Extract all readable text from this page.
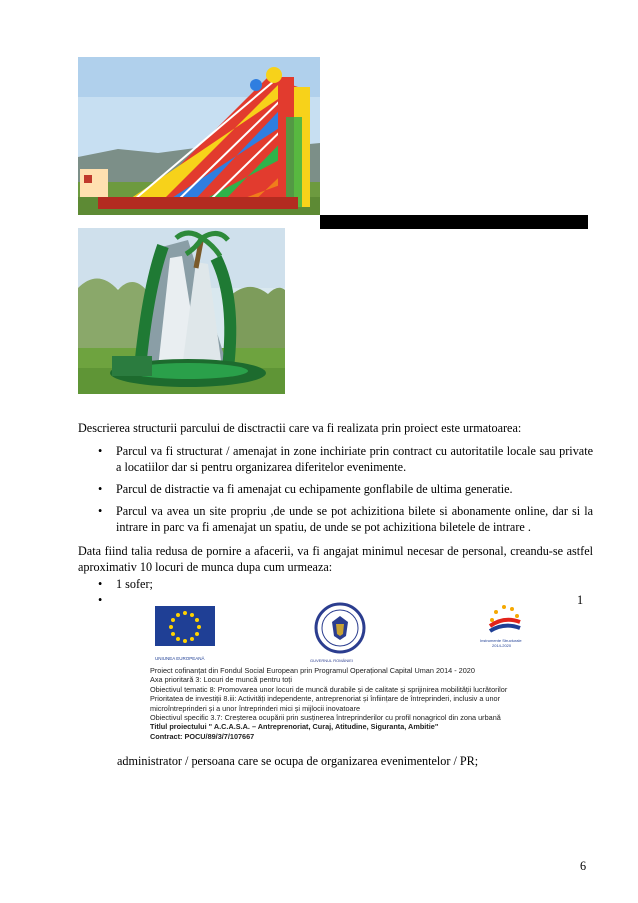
Descrierea structurii parcului de disctractii care va fi realizata prin proiect este urmatoarea:
• Parcul va fi structurat / amenajat in zone inchiriate prin contract cu autoritatile locale sau private a locatiilor dar si pentru organizarea diferitelor evenimente.
• Parcul de distractie va fi amenajat cu echipamente gonflabile de ultima generatie.
• Parcul va avea un site propriu ,de unde se pot achizitiona bilete si abonamente online, dar si la intrare in parc va fi amenajat un spatiu, de unde se pot achizitiona biletele de intrare .
Data fiind talia redusa de pornire a afacerii, va fi angajat minimul necesar de personal, creandu-se astfel aproximativ 10 locuri de munca dupa cum urmeaza:
• 1 sofer;
•	1
UNIUNEA EUROPEANĂ	GUVERNUL ROMÂNIEI
Instrumente Structurale
2014-2020
Proiect cofinanțat din Fondul Social European prin Programul Operațional Capital Uman 2014 - 2020
Axa prioritară 3: Locuri de muncă pentru toți
Obiectivul tematic 8: Promovarea unor locuri de muncă durabile și de calitate și sprijinirea mobilității lucrătorilor
Prioritatea de investiții 8.iii: Activități independente, antreprenoriat și înființare de întreprinderi, inclusiv a unor
microîntreprinderi și a unor întreprinderi mici și mijlocii inovatoare
Obiectivul specific 3.7: Creșterea ocupării prin susținerea întreprinderilor cu profil nonagricol din zona urbană
Titlul proiectului " A.C.A.S.A. – Antreprenoriat, Curaj, Atitudine, Siguranta, Ambitie"
Contract: POCU/89/3/7/107667
administrator / persoana care se ocupa de organizarea evenimentelor / PR;
6
